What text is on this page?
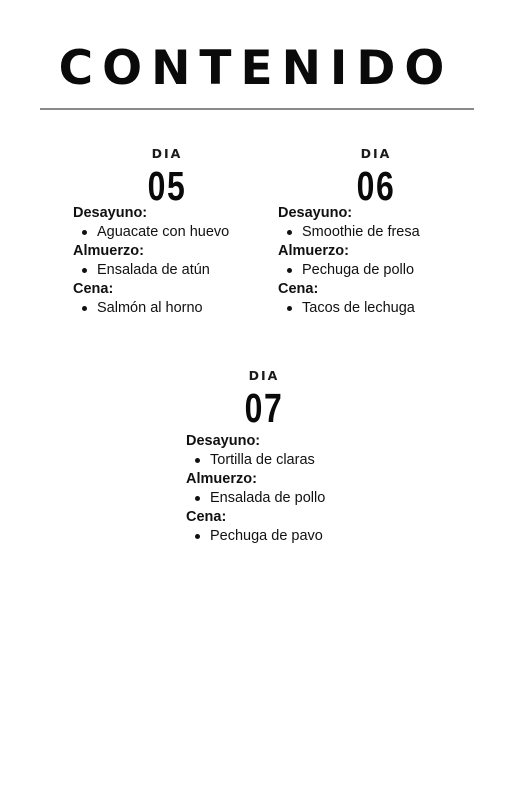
CONTENIDO
DIA
05
Desayuno:
Aguacate con huevo
Almuerzo:
Ensalada de atún
Cena:
Salmón al horno
DIA
06
Desayuno:
Smoothie de fresa
Almuerzo:
Pechuga de pollo
Cena:
Tacos de lechuga
DIA
07
Desayuno:
Tortilla de claras
Almuerzo:
Ensalada de pollo
Cena:
Pechuga de pavo
